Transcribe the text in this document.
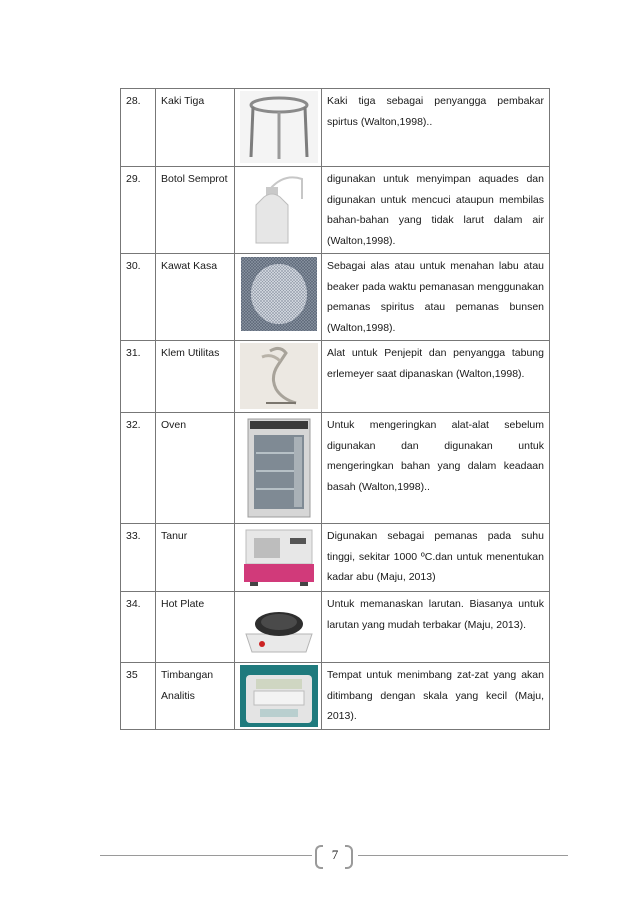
28.	Kaki Tiga		Kaki tiga sebagai penyangga pembakar spirtus (Walton,1998)..
29.	Botol Semprot		digunakan untuk menyimpan aquades dan digunakan untuk mencuci ataupun membilas bahan-bahan yang tidak larut dalam air (Walton,1998).
30.	Kawat Kasa		Sebagai alas atau untuk menahan labu atau beaker pada waktu pemanasan menggunakan pemanas spiritus atau pemanas bunsen (Walton,1998).
31.	Klem Utilitas		Alat untuk Penjepit dan penyangga tabung erlemeyer saat dipanaskan (Walton,1998).
32.	Oven		Untuk mengeringkan alat-alat sebelum digunakan dan digunakan untuk mengeringkan bahan yang dalam keadaan basah (Walton,1998)..
33.	Tanur		Digunakan sebagai pemanas pada suhu tinggi, sekitar 1000 ºC.dan untuk menentukan kadar abu (Maju, 2013)
34.	Hot Plate		Untuk memanaskan larutan. Biasanya untuk larutan yang mudah terbakar (Maju, 2013).
35	Timbangan Analitis		Tempat untuk menimbang zat-zat yang akan ditimbang dengan skala yang kecil (Maju, 2013).
7
